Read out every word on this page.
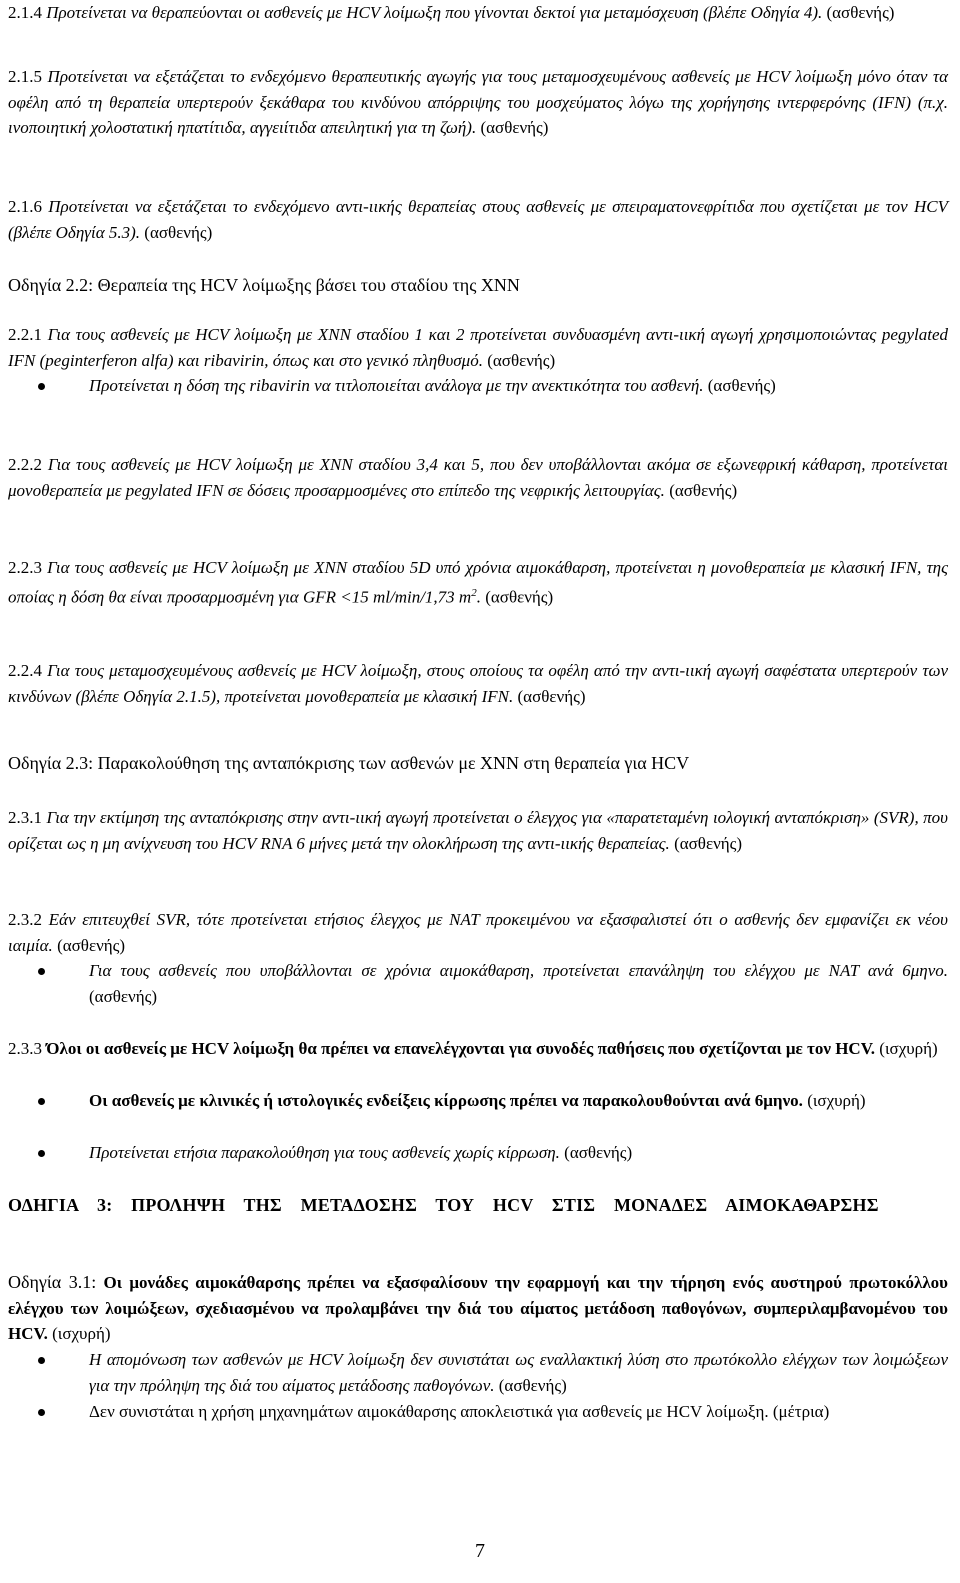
2.1.4 Προτείνεται να θεραπεύονται οι ασθενείς με HCV λοίμωξη που γίνονται δεκτοί για μεταμόσχευση (βλέπε Οδηγία 4). (ασθενής)
2.1.5 Προτείνεται να εξετάζεται το ενδεχόμενο θεραπευτικής αγωγής για τους μεταμοσχευμένους ασθενείς με HCV λοίμωξη μόνο όταν τα οφέλη από τη θεραπεία υπερτερούν ξεκάθαρα του κινδύνου απόρριψης του μοσχεύματος λόγω της χορήγησης ιντερφερόνης (IFN) (π.χ. ινοποιητική χολοστατική ηπατίτιδα, αγγειίτιδα απειλητική για τη ζωή). (ασθενής)
2.1.6 Προτείνεται να εξετάζεται το ενδεχόμενο αντι-ιικής θεραπείας στους ασθενείς με σπειραματονεφρίτιδα που σχετίζεται με τον HCV (βλέπε Οδηγία 5.3). (ασθενής)
Οδηγία 2.2: Θεραπεία της HCV λοίμωξης βάσει του σταδίου της ΧΝΝ
2.2.1 Για τους ασθενείς με HCV λοίμωξη με ΧΝΝ σταδίου 1 και 2 προτείνεται συνδυασμένη αντι-ιική αγωγή χρησιμοποιώντας pegylated IFN (peginterferon alfa) και ribavirin, όπως και στο γενικό πληθυσμό. (ασθενής)
Προτείνεται η δόση της ribavirin να τιτλοποιείται ανάλογα με την ανεκτικότητα του ασθενή. (ασθενής)
2.2.2 Για τους ασθενείς με HCV λοίμωξη με ΧΝΝ σταδίου 3,4 και 5, που δεν υποβάλλονται ακόμα σε εξωνεφρική κάθαρση, προτείνεται μονοθεραπεία με pegylated IFN σε δόσεις προσαρμοσμένες στο επίπεδο της νεφρικής λειτουργίας. (ασθενής)
2.2.3 Για τους ασθενείς με HCV λοίμωξη με ΧΝΝ σταδίου 5D υπό χρόνια αιμοκάθαρση, προτείνεται η μονοθεραπεία με κλασική IFN, της οποίας η δόση θα είναι προσαρμοσμένη για GFR <15 ml/min/1,73 $m^2$. (ασθενής)
2.2.4 Για τους μεταμοσχευμένους ασθενείς με HCV λοίμωξη, στους οποίους τα οφέλη από την αντι-ιική αγωγή σαφέστατα υπερτερούν των κινδύνων (βλέπε Οδηγία 2.1.5), προτείνεται μονοθεραπεία με κλασική IFN. (ασθενής)
Οδηγία 2.3: Παρακολούθηση της ανταπόκρισης των ασθενών με ΧΝΝ στη θεραπεία για HCV
2.3.1 Για την εκτίμηση της ανταπόκρισης στην αντι-ιική αγωγή προτείνεται ο έλεγχος για «παρατεταμένη ιολογική ανταπόκριση» (SVR), που ορίζεται ως η μη ανίχνευση του HCV RNA 6 μήνες μετά την ολοκλήρωση της αντι-ιικής θεραπείας. (ασθενής)
2.3.2 Εάν επιτευχθεί SVR, τότε προτείνεται ετήσιος έλεγχος με NAT προκειμένου να εξασφαλιστεί ότι ο ασθενής δεν εμφανίζει εκ νέου ιαιμία. (ασθενής)
Για τους ασθενείς που υποβάλλονται σε χρόνια αιμοκάθαρση, προτείνεται επανάληψη του ελέγχου με NAT ανά 6μηνο. (ασθενής)
2.3.3 Όλοι οι ασθενείς με HCV λοίμωξη θα πρέπει να επανελέγχονται για συνοδές παθήσεις που σχετίζονται με τον HCV. (ισχυρή)
Οι ασθενείς με κλινικές ή ιστολογικές ενδείξεις κίρρωσης πρέπει να παρακολουθούνται ανά 6μηνο. (ισχυρή)
Προτείνεται ετήσια παρακολούθηση για τους ασθενείς χωρίς κίρρωση. (ασθενής)
ΟΔΗΓΙΑ 3: ΠΡΟΛΗΨΗ ΤΗΣ ΜΕΤΑΔΟΣΗΣ ΤΟΥ HCV ΣΤΙΣ ΜΟΝΑΔΕΣ ΑΙΜΟΚΑΘΑΡΣΗΣ
Οδηγία 3.1: Οι μονάδες αιμοκάθαρσης πρέπει να εξασφαλίσουν την εφαρμογή και την τήρηση ενός αυστηρού πρωτοκόλλου ελέγχου των λοιμώξεων, σχεδιασμένου να προλαμβάνει την διά του αίματος μετάδοση παθογόνων, συμπεριλαμβανομένου του HCV. (ισχυρή)
Η απομόνωση των ασθενών με HCV λοίμωξη δεν συνιστάται ως εναλλακτική λύση στο πρωτόκολλο ελέγχων των λοιμώξεων για την πρόληψη της διά του αίματος μετάδοσης παθογόνων. (ασθενής)
Δεν συνιστάται η χρήση μηχανημάτων αιμοκάθαρσης αποκλειστικά για ασθενείς με HCV λοίμωξη. (μέτρια)
7
